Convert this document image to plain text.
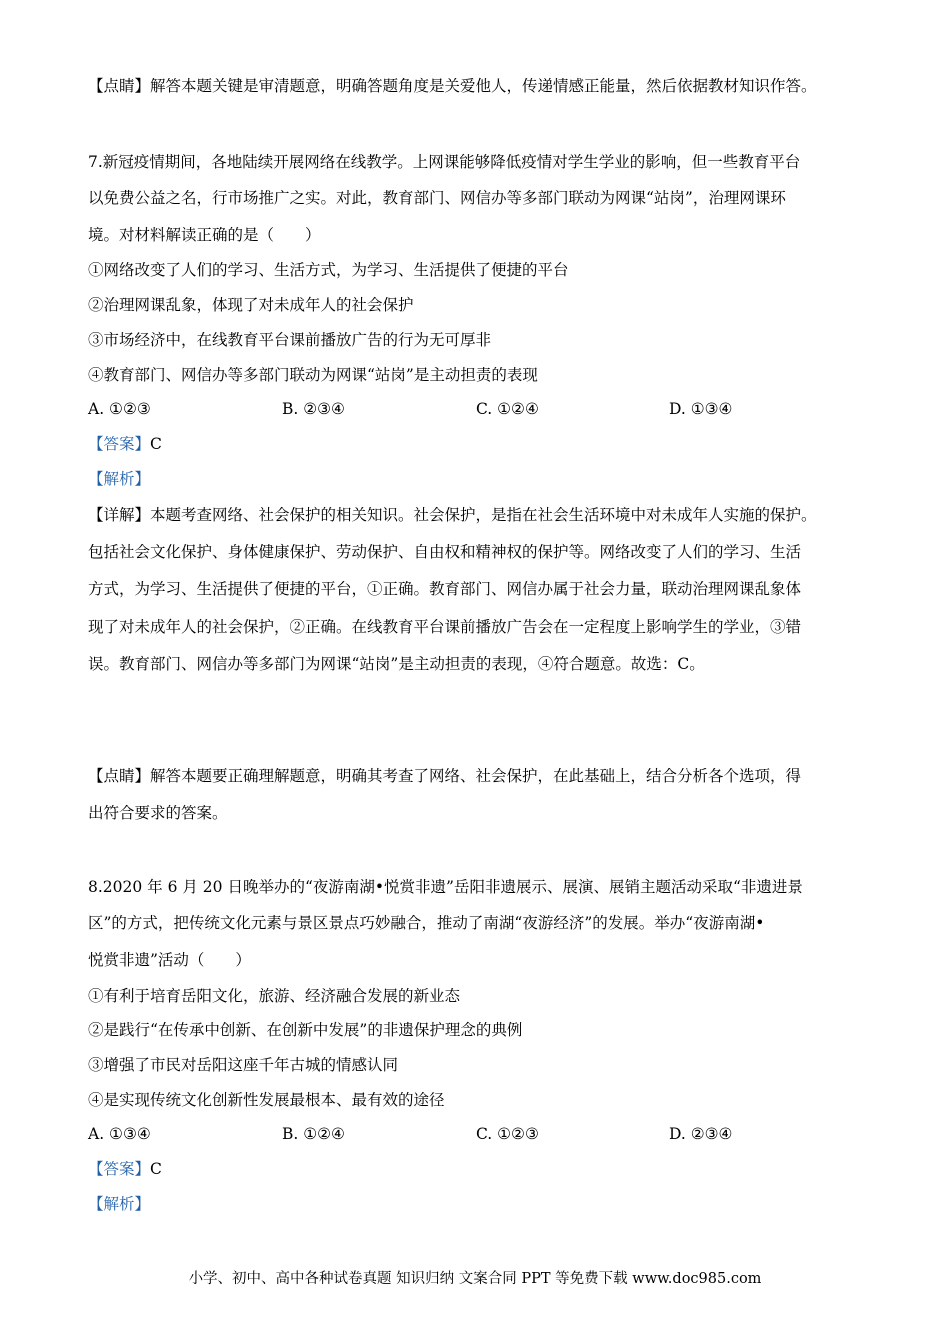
【点睛】解答本题关键是审清题意，明确答题角度是关爱他人，传递情感正能量，然后依据教材知识作答。
7.新冠疫情期间，各地陆续开展网络在线教学。上网课能够降低疫情对学生学业的影响，但一些教育平台
以免费公益之名，行市场推广之实。对此，教育部门、网信办等多部门联动为网课“站岗”，治理网课环
境。对材料解读正确的是（　　）
①网络改变了人们的学习、生活方式，为学习、生活提供了便捷的平台
②治理网课乱象，体现了对未成年人的社会保护
③市场经济中，在线教育平台课前播放广告的行为无可厚非
④教育部门、网信办等多部门联动为网课“站岗”是主动担责的表现
A. ①②③	B. ②③④	C. ①②④	D. ①③④
【答案】C
【解析】
【详解】本题考查网络、社会保护的相关知识。社会保护，是指在社会生活环境中对未成年人实施的保护。
包括社会文化保护、身体健康保护、劳动保护、自由权和精神权的保护等。网络改变了人们的学习、生活
方式，为学习、生活提供了便捷的平台，①正确。教育部门、网信办属于社会力量，联动治理网课乱象体
现了对未成年人的社会保护，②正确。在线教育平台课前播放广告会在一定程度上影响学生的学业，③错
误。教育部门、网信办等多部门为网课“站岗”是主动担责的表现，④符合题意。故选：C。
【点睛】解答本题要正确理解题意，明确其考查了网络、社会保护，在此基础上，结合分析各个选项，得
出符合要求的答案。
8.2020 年 6 月 20 日晚举办的“夜游南湖•悦赏非遗”岳阳非遗展示、展演、展销主题活动采取“非遗进景
区”的方式，把传统文化元素与景区景点巧妙融合，推动了南湖“夜游经济”的发展。举办“夜游南湖•
悦赏非遗”活动（　　）
①有利于培育岳阳文化，旅游、经济融合发展的新业态
②是践行“在传承中创新、在创新中发展”的非遗保护理念的典例
③增强了市民对岳阳这座千年古城的情感认同
④是实现传统文化创新性发展最根本、最有效的途径
A. ①③④	B. ①②④	C. ①②③	D. ②③④
【答案】C
【解析】
小学、初中、高中各种试卷真题 知识归纳 文案合同 PPT 等免费下载 www.doc985.com
